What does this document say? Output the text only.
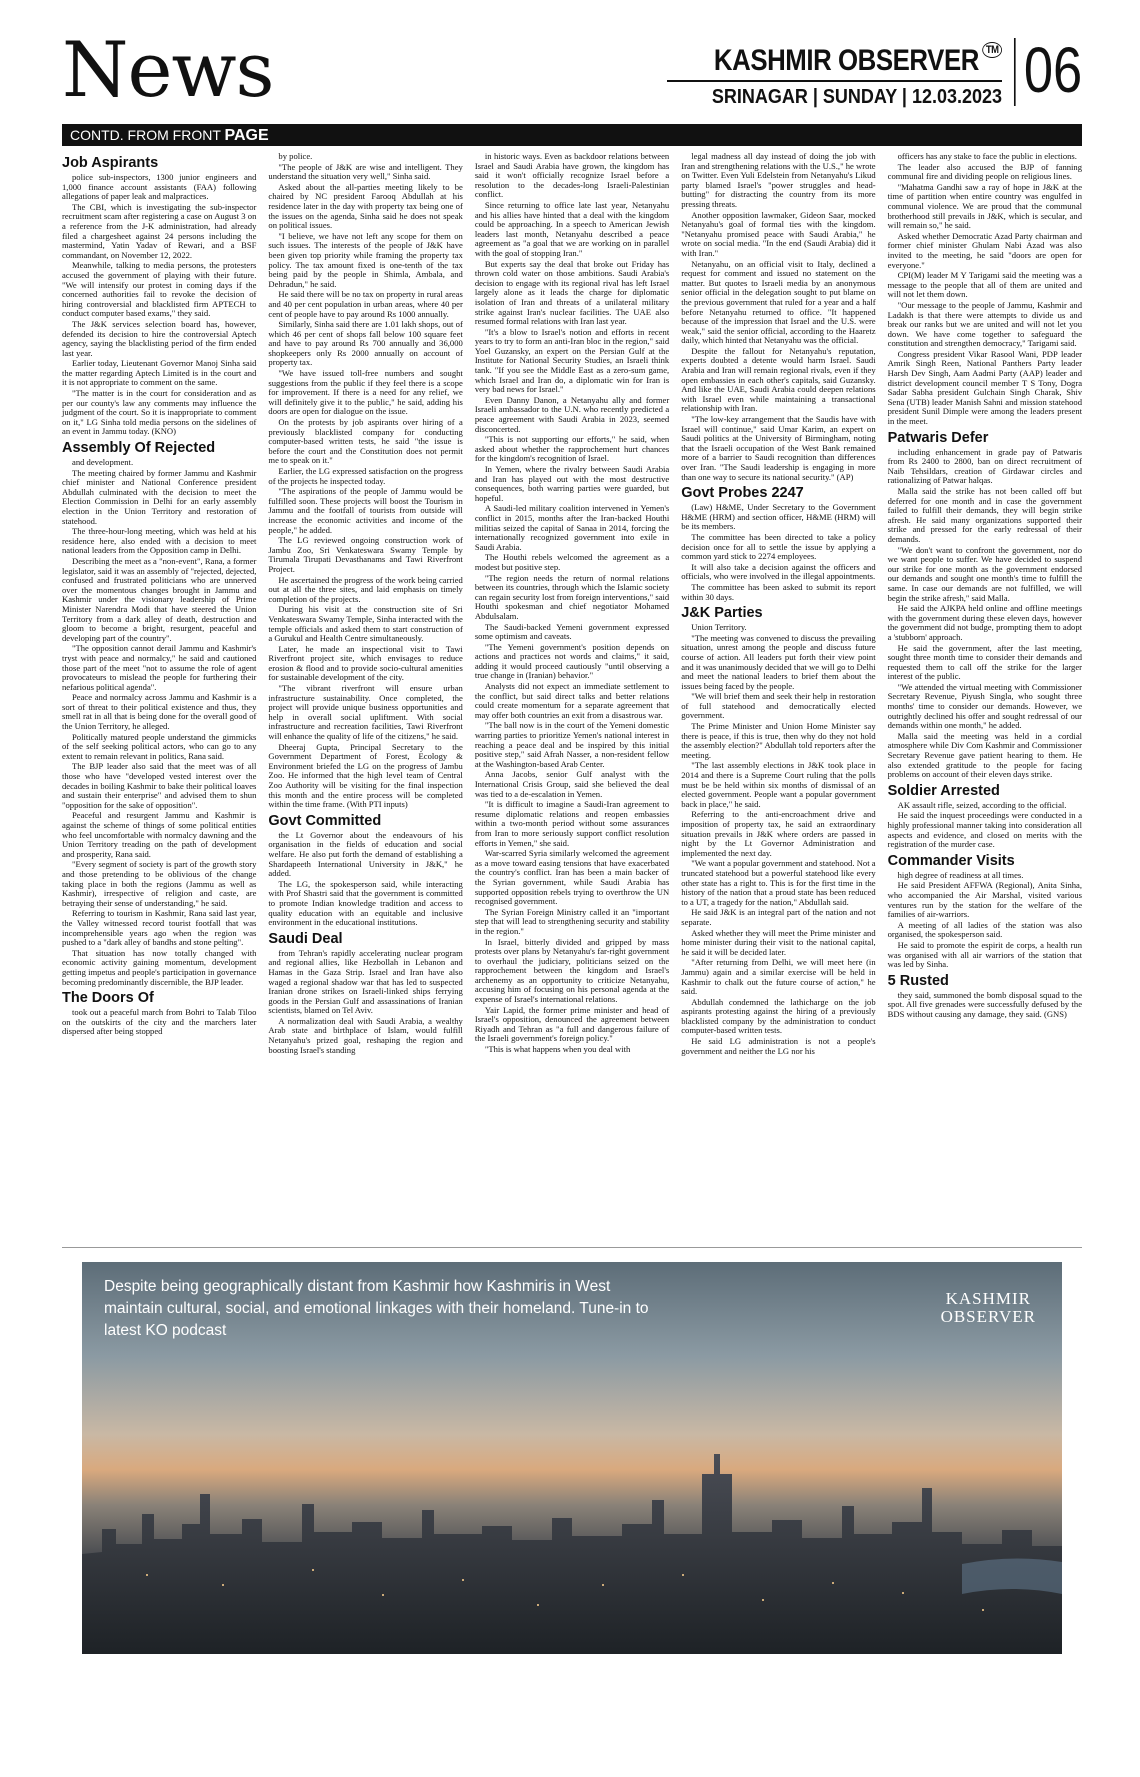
News	KASHMIR OBSERVER ™
SRINAGAR | SUNDAY | 12.03.2023 06
CONTD. FROM FRONT PAGE
Job Aspirants

police sub-inspectors, 1300 junior engineers and 1,000 finance account assistants (FAA) following allegations of paper leak and malpractices.

The CBI, which is investigating the sub-inspector recruitment scam after registering a case on August 3 on a reference from the J-K administration, had already filed a chargesheet against 24 persons including the mastermind, Yatin Yadav of Rewari, and a BSF commandant, on November 12, 2022.

Meanwhile, talking to media persons, the protesters accused the government of playing with their future. "We will intensify our protest in coming days if the concerned authorities fail to revoke the decision of hiring controversial and blacklisted firm APTECH to conduct computer based exams," they said.

The J&K services selection board has, however, defended its decision to hire the controversial Aptech agency, saying the blacklisting period of the firm ended last year.

Earlier today, Lieutenant Governor Manoj Sinha said the matter regarding Aptech Limited is in the court and it is not appropriate to comment on the same.

"The matter is in the court for consideration and as per our county's law any comments may influence the judgment of the court. So it is inappropriate to comment on it," LG Sinha told media persons on the sidelines of an event in Jammu today. (KNO)

Assembly Of Rejected

and development.

The meeting chaired by former Jammu and Kashmir chief minister and National Conference president Abdullah culminated with the decision to meet the Election Commission in Delhi for an early assembly election in the Union Territory and restoration of statehood.

The three-hour-long meeting, which was held at his residence here, also ended with a decision to meet national leaders from the Opposition camp in Delhi.

Describing the meet as a "non-event", Rana, a former legislator, said it was an assembly of "rejected, dejected, confused and frustrated politicians who are unnerved over the momentous changes brought in Jammu and Kashmir under the visionary leadership of Prime Minister Narendra Modi that have steered the Union Territory from a dark alley of death, destruction and gloom to become a bright, resurgent, peaceful and developing part of the country".

"The opposition cannot derail Jammu and Kashmir's tryst with peace and normalcy," he said and cautioned those part of the meet "not to assume the role of agent provocateurs to mislead the people for furthering their nefarious political agenda".

Peace and normalcy across Jammu and Kashmir is a sort of threat to their political existence and thus, they smell rat in all that is being done for the overall good of the Union Territory, he alleged.

Politically matured people understand the gimmicks of the self seeking political actors, who can go to any extent to remain relevant in politics, Rana said.

The BJP leader also said that the meet was of all those who have "developed vested interest over the decades in boiling Kashmir to bake their political loaves and sustain their enterprise" and advised them to shun "opposition for the sake of opposition".

Peaceful and resurgent Jammu and Kashmir is against the scheme of things of some political entities who feel uncomfortable with normalcy dawning and the Union Territory treading on the path of development and prosperity, Rana said.

"Every segment of society is part of the growth story and those pretending to be oblivious of the change taking place in both the regions (Jammu as well as Kashmir), irrespective of religion and caste, are betraying their sense of understanding," he said.

Referring to tourism in Kashmir, Rana said last year, the Valley witnessed record tourist footfall that was incomprehensible years ago when the region was pushed to a "dark alley of bandhs and stone pelting".

That situation has now totally changed with economic activity gaining momentum, development getting impetus and people's participation in governance becoming predominantly discernible, the BJP leader.

The Doors Of

took out a peaceful march from Bohri to Talab Tiloo on the outskirts of the city and the marchers later dispersed after being stopped

by police.

"The people of J&K are wise and intelligent. They understand the situation very well," Sinha said.

Asked about the all-parties meeting likely to be chaired by NC president Farooq Abdullah at his residence later in the day with property tax being one of the issues on the agenda, Sinha said he does not speak on political issues.

"I believe, we have not left any scope for them on such issues. The interests of the people of J&K have been given top priority while framing the property tax policy. The tax amount fixed is one-tenth of the tax being paid by the people in Shimla, Ambala, and Dehradun," he said.

He said there will be no tax on property in rural areas and 40 per cent population in urban areas, where 40 per cent of people have to pay around Rs 1000 annually.

Similarly, Sinha said there are 1.01 lakh shops, out of which 46 per cent of shops fall below 100 square feet and have to pay around Rs 700 annually and 36,000 shopkeepers only Rs 2000 annually on account of property tax.

"We have issued toll-free numbers and sought suggestions from the public if they feel there is a scope for improvement. If there is a need for any relief, we will definitely give it to the public," he said, adding his doors are open for dialogue on the issue.

On the protests by job aspirants over hiring of a previously blacklisted company for conducting computer-based written tests, he said "the issue is before the court and the Constitution does not permit me to speak on it."

Earlier, the LG expressed satisfaction on the progress of the projects he inspected today.

"The aspirations of the people of Jammu would be fulfilled soon. These projects will boost the Tourism in Jammu and the footfall of tourists from outside will increase the economic activities and income of the people," he added.

The LG reviewed ongoing construction work of Jambu Zoo, Sri Venkateswara Swamy Temple by Tirumala Tirupati Devasthanams and Tawi Riverfront Project.

He ascertained the progress of the work being carried out at all the three sites, and laid emphasis on timely completion of the projects.

During his visit at the construction site of Sri Venkateswara Swamy Temple, Sinha interacted with the temple officials and asked them to start construction of a Gurukul and Health Centre simultaneously.

Later, he made an inspectional visit to Tawi Riverfront project site, which envisages to reduce erosion & flood and to provide socio-cultural amenities for sustainable development of the city.

"The vibrant riverfront will ensure urban infrastructure sustainability. Once completed, the project will provide unique business opportunities and help in overall social upliftment. With social infrastructure and recreation facilities, Tawi Riverfront will enhance the quality of life of the citizens," he said.

Dheeraj Gupta, Principal Secretary to the Government Department of Forest, Ecology & Environment briefed the LG on the progress of Jambu Zoo. He informed that the high level team of Central Zoo Authority will be visiting for the final inspection this month and the entire process will be completed within the time frame. (With PTI inputs)

Govt Committed

the Lt Governor about the endeavours of his organisation in the fields of education and social welfare. He also put forth the demand of establishing a Shardapeeth International University in J&K," he added.

The LG, the spokesperson said, while interacting with Prof Shastri said that the government is committed to promote Indian knowledge tradition and access to quality education with an equitable and inclusive environment in the educational institutions.

Saudi Deal

from Tehran's rapidly accelerating nuclear program and regional allies, like Hezbollah in Lebanon and Hamas in the Gaza Strip. Israel and Iran have also waged a regional shadow war that has led to suspected Iranian drone strikes on Israeli-linked ships ferrying goods in the Persian Gulf and assassinations of Iranian scientists, blamed on Tel Aviv.

A normalization deal with Saudi Arabia, a wealthy Arab state and birthplace of Islam, would fulfill Netanyahu's prized goal, reshaping the region and boosting Israel's standing

in historic ways. Even as backdoor relations between Israel and Saudi Arabia have grown, the kingdom has said it won't officially recognize Israel before a resolution to the decades-long Israeli-Palestinian conflict.

Since returning to office late last year, Netanyahu and his allies have hinted that a deal with the kingdom could be approaching. In a speech to American Jewish leaders last month, Netanyahu described a peace agreement as "a goal that we are working on in parallel with the goal of stopping Iran."

But experts say the deal that broke out Friday has thrown cold water on those ambitions. Saudi Arabia's decision to engage with its regional rival has left Israel largely alone as it leads the charge for diplomatic isolation of Iran and threats of a unilateral military strike against Iran's nuclear facilities. The UAE also resumed formal relations with Iran last year.

"It's a blow to Israel's notion and efforts in recent years to try to form an anti-Iran bloc in the region," said Yoel Guzansky, an expert on the Persian Gulf at the Institute for National Security Studies, an Israeli think tank. "If you see the Middle East as a zero-sum game, which Israel and Iran do, a diplomatic win for Iran is very bad news for Israel."

Even Danny Danon, a Netanyahu ally and former Israeli ambassador to the U.N. who recently predicted a peace agreement with Saudi Arabia in 2023, seemed disconcerted.

"This is not supporting our efforts," he said, when asked about whether the rapprochement hurt chances for the kingdom's recognition of Israel.

In Yemen, where the rivalry between Saudi Arabia and Iran has played out with the most destructive consequences, both warring parties were guarded, but hopeful.

A Saudi-led military coalition intervened in Yemen's conflict in 2015, months after the Iran-backed Houthi militias seized the capital of Sanaa in 2014, forcing the internationally recognized government into exile in Saudi Arabia.

The Houthi rebels welcomed the agreement as a modest but positive step.

"The region needs the return of normal relations between its countries, through which the Islamic society can regain security lost from foreign interventions," said Houthi spokesman and chief negotiator Mohamed Abdulsalam.

The Saudi-backed Yemeni government expressed some optimism and caveats.

"The Yemeni government's position depends on actions and practices not words and claims," it said, adding it would proceed cautiously "until observing a true change in (Iranian) behavior."

Analysts did not expect an immediate settlement to the conflict, but said direct talks and better relations could create momentum for a separate agreement that may offer both countries an exit from a disastrous war.

"The ball now is in the court of the Yemeni domestic warring parties to prioritize Yemen's national interest in reaching a peace deal and be inspired by this initial positive step," said Afrah Nasser, a non-resident fellow at the Washington-based Arab Center.

Anna Jacobs, senior Gulf analyst with the International Crisis Group, said she believed the deal was tied to a de-escalation in Yemen.

"It is difficult to imagine a Saudi-Iran agreement to resume diplomatic relations and reopen embassies within a two-month period without some assurances from Iran to more seriously support conflict resolution efforts in Yemen," she said.

War-scarred Syria similarly welcomed the agreement as a move toward easing tensions that have exacerbated the country's conflict. Iran has been a main backer of the Syrian government, while Saudi Arabia has supported opposition rebels trying to overthrow the UN recognised government.

The Syrian Foreign Ministry called it an "important step that will lead to strengthening security and stability in the region."

In Israel, bitterly divided and gripped by mass protests over plans by Netanyahu's far-right government to overhaul the judiciary, politicians seized on the rapprochement between the kingdom and Israel's archenemy as an opportunity to criticize Netanyahu, accusing him of focusing on his personal agenda at the expense of Israel's international relations.

Yair Lapid, the former prime minister and head of Israel's opposition, denounced the agreement between Riyadh and Tehran as "a full and dangerous failure of the Israeli government's foreign policy."

"This is what happens when you deal with

legal madness all day instead of doing the job with Iran and strengthening relations with the U.S.," he wrote on Twitter. Even Yuli Edelstein from Netanyahu's Likud party blamed Israel's "power struggles and head-butting" for distracting the country from its more pressing threats.

Another opposition lawmaker, Gideon Saar, mocked Netanyahu's goal of formal ties with the kingdom. "Netanyahu promised peace with Saudi Arabia," he wrote on social media. "In the end (Saudi Arabia) did it with Iran."

Netanyahu, on an official visit to Italy, declined a request for comment and issued no statement on the matter. But quotes to Israeli media by an anonymous senior official in the delegation sought to put blame on the previous government that ruled for a year and a half before Netanyahu returned to office. "It happened because of the impression that Israel and the U.S. were weak," said the senior official, according to the Haaretz daily, which hinted that Netanyahu was the official.

Despite the fallout for Netanyahu's reputation, experts doubted a detente would harm Israel. Saudi Arabia and Iran will remain regional rivals, even if they open embassies in each other's capitals, said Guzansky. And like the UAE, Saudi Arabia could deepen relations with Israel even while maintaining a transactional relationship with Iran.

"The low-key arrangement that the Saudis have with Israel will continue," said Umar Karim, an expert on Saudi politics at the University of Birmingham, noting that the Israeli occupation of the West Bank remained more of a barrier to Saudi recognition than differences over Iran. "The Saudi leadership is engaging in more than one way to secure its national security." (AP)

Govt Probes 2247

(Law) H&ME, Under Secretary to the Government H&ME (HRM) and section officer, H&ME (HRM) will be its members.

The committee has been directed to take a policy decision once for all to settle the issue by applying a common yard stick to 2274 employees.

It will also take a decision against the officers and officials, who were involved in the illegal appointments.

The committee has been asked to submit its report within 30 days.

J&K Parties

Union Territory.

"The meeting was convened to discuss the prevailing situation, unrest among the people and discuss future course of action. All leaders put forth their view point and it was unanimously decided that we will go to Delhi and meet the national leaders to brief them about the issues being faced by the people.

"We will brief them and seek their help in restoration of full statehood and democratically elected government.

The Prime Minister and Union Home Minister say there is peace, if this is true, then why do they not hold the assembly election?" Abdullah told reporters after the meeting.

"The last assembly elections in J&K took place in 2014 and there is a Supreme Court ruling that the polls must be be held within six months of dismissal of an elected government. People want a popular government back in place," he said.

Referring to the anti-encroachment drive and imposition of property tax, he said an extraordinary situation prevails in J&K where orders are passed in night by the Lt Governor Administration and implemented the next day.

"We want a popular government and statehood. Not a truncated statehood but a powerful statehood like every other state has a right to. This is for the first time in the history of the nation that a proud state has been reduced to a UT, a tragedy for the nation," Abdullah said.

He said J&K is an integral part of the nation and not separate.

Asked whether they will meet the Prime minister and home minister during their visit to the national capital, he said it will be decided later.

"After returning from Delhi, we will meet here (in Jammu) again and a similar exercise will be held in Kashmir to chalk out the future course of action," he said.

Abdullah condemned the lathicharge on the job aspirants protesting against the hiring of a previously blacklisted company by the administration to conduct computer-based written tests.

He said LG administration is not a people's government and neither the LG nor his

officers has any stake to face the public in elections.

The leader also accused the BJP of fanning communal fire and dividing people on religious lines.

"Mahatma Gandhi saw a ray of hope in J&K at the time of partition when entire country was engulfed in communal violence. We are proud that the communal brotherhood still prevails in J&K, which is secular, and will remain so," he said.

Asked whether Democratic Azad Party chairman and former chief minister Ghulam Nabi Azad was also invited to the meeting, he said "doors are open for everyone."

CPI(M) leader M Y Tarigami said the meeting was a message to the people that all of them are united and will not let them down.

"Our message to the people of Jammu, Kashmir and Ladakh is that there were attempts to divide us and break our ranks but we are united and will not let you down. We have come together to safeguard the constitution and strengthen democracy," Tarigami said.

Congress president Vikar Rasool Wani, PDP leader Amrik Singh Reen, National Panthers Party leader Harsh Dev Singh, Aam Aadmi Party (AAP) leader and district development council member T S Tony, Dogra Sadar Sabha president Gulchain Singh Charak, Shiv Sena (UTB) leader Manish Sahni and mission statehood president Sunil Dimple were among the leaders present in the meet.

Patwaris Defer

including enhancement in grade pay of Patwaris from Rs 2400 to 2800, ban on direct recruitment of Naib Tehsildars, creation of Girdawar circles and rationalizing of Patwar halqas.

Malla said the strike has not been called off but deferred for one month and in case the government failed to fulfill their demands, they will begin strike afresh. He said many organizations supported their strike and pressed for the early redressal of their demands.

"We don't want to confront the government, nor do we want people to suffer. We have decided to suspend our strike for one month as the government endorsed our demands and sought one month's time to fulfill the same. In case our demands are not fulfilled, we will begin the strike afresh," said Malla.

He said the AJKPA held online and offline meetings with the government during these eleven days, however the government did not budge, prompting them to adopt a 'stubborn' approach.

He said the government, after the last meeting, sought three month time to consider their demands and requested them to call off the strike for the larger interest of the public.

"We attended the virtual meeting with Commissioner Secretary Revenue, Piyush Singla, who sought three months' time to consider our demands. However, we outrightly declined his offer and sought redressal of our demands within one month," he added.

Malla said the meeting was held in a cordial atmosphere while Div Com Kashmir and Commissioner Secretary Revenue gave patient hearing to them. He also extended gratitude to the people for facing problems on account of their eleven days strike.

Soldier Arrested

AK assault rifle, seized, according to the official.

He said the inquest proceedings were conducted in a highly professional manner taking into consideration all aspects and evidence, and closed on merits with the registration of the murder case.

Commander Visits

high degree of readiness at all times.

He said President AFFWA (Regional), Anita Sinha, who accompanied the Air Marshal, visited various ventures run by the station for the welfare of the families of air-warriors.

A meeting of all ladies of the station was also organised, the spokesperson said.

He said to promote the espirit de corps, a health run was organised with all air warriors of the station that was led by Sinha.

5 Rusted

they said, summoned the bomb disposal squad to the spot. All five grenades were successfully defused by the BDS without causing any damage, they said. (GNS)

Despite being geographically distant from Kashmir how Kashmiris in West maintain cultural, social, and emotional linkages with their homeland. Tune-in to latest KO podcast
KASHMIR
OBSERVER
KO PODCAST
